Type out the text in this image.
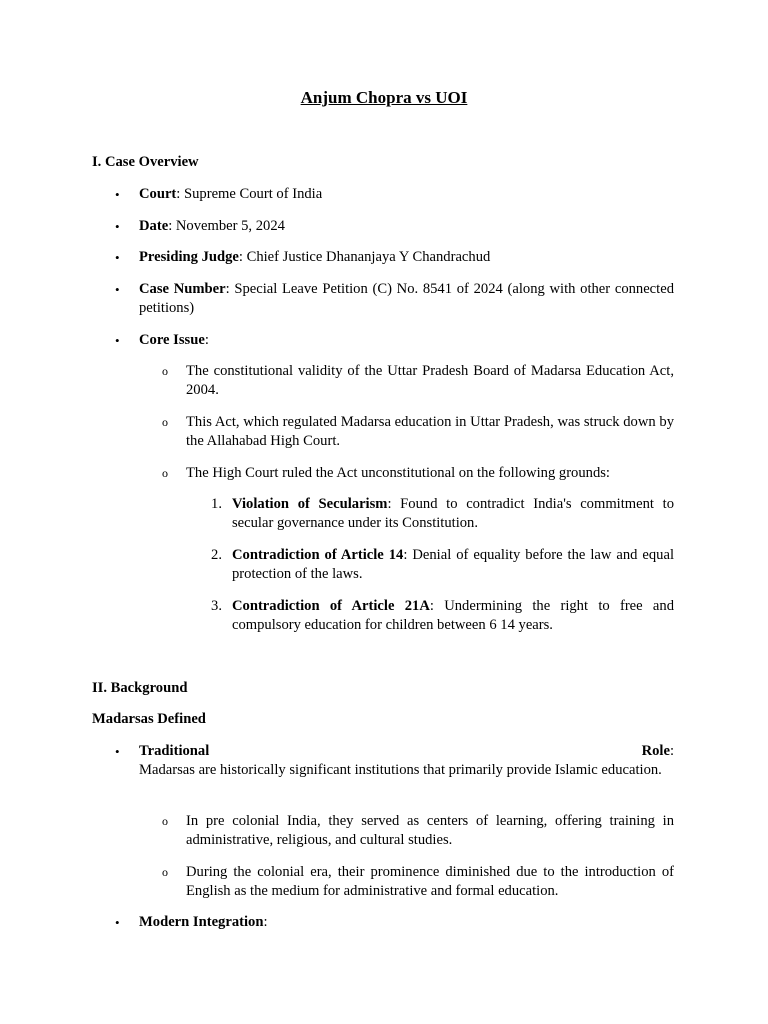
Anjum Chopra vs UOI
I. Case Overview
• Court: Supreme Court of India
• Date: November 5, 2024
• Presiding Judge: Chief Justice Dhananjaya Y Chandrachud
• Case Number: Special Leave Petition (C) No. 8541 of 2024 (along with other connected petitions)
• Core Issue:
o The constitutional validity of the Uttar Pradesh Board of Madarsa Education Act, 2004.
o This Act, which regulated Madarsa education in Uttar Pradesh, was struck down by the Allahabad High Court.
o The High Court ruled the Act unconstitutional on the following grounds:
1. Violation of Secularism: Found to contradict India's commitment to secular governance under its Constitution.
2. Contradiction of Article 14: Denial of equality before the law and equal protection of the laws.
3. Contradiction of Article 21A: Undermining the right to free and compulsory education for children between 6 14 years.
II. Background
Madarsas Defined
• Traditional	Role:
Madarsas are historically significant institutions that primarily provide Islamic education.
o In pre colonial India, they served as centers of learning, offering training in administrative, religious, and cultural studies.
o During the colonial era, their prominence diminished due to the introduction of English as the medium for administrative and formal education.
• Modern Integration:
